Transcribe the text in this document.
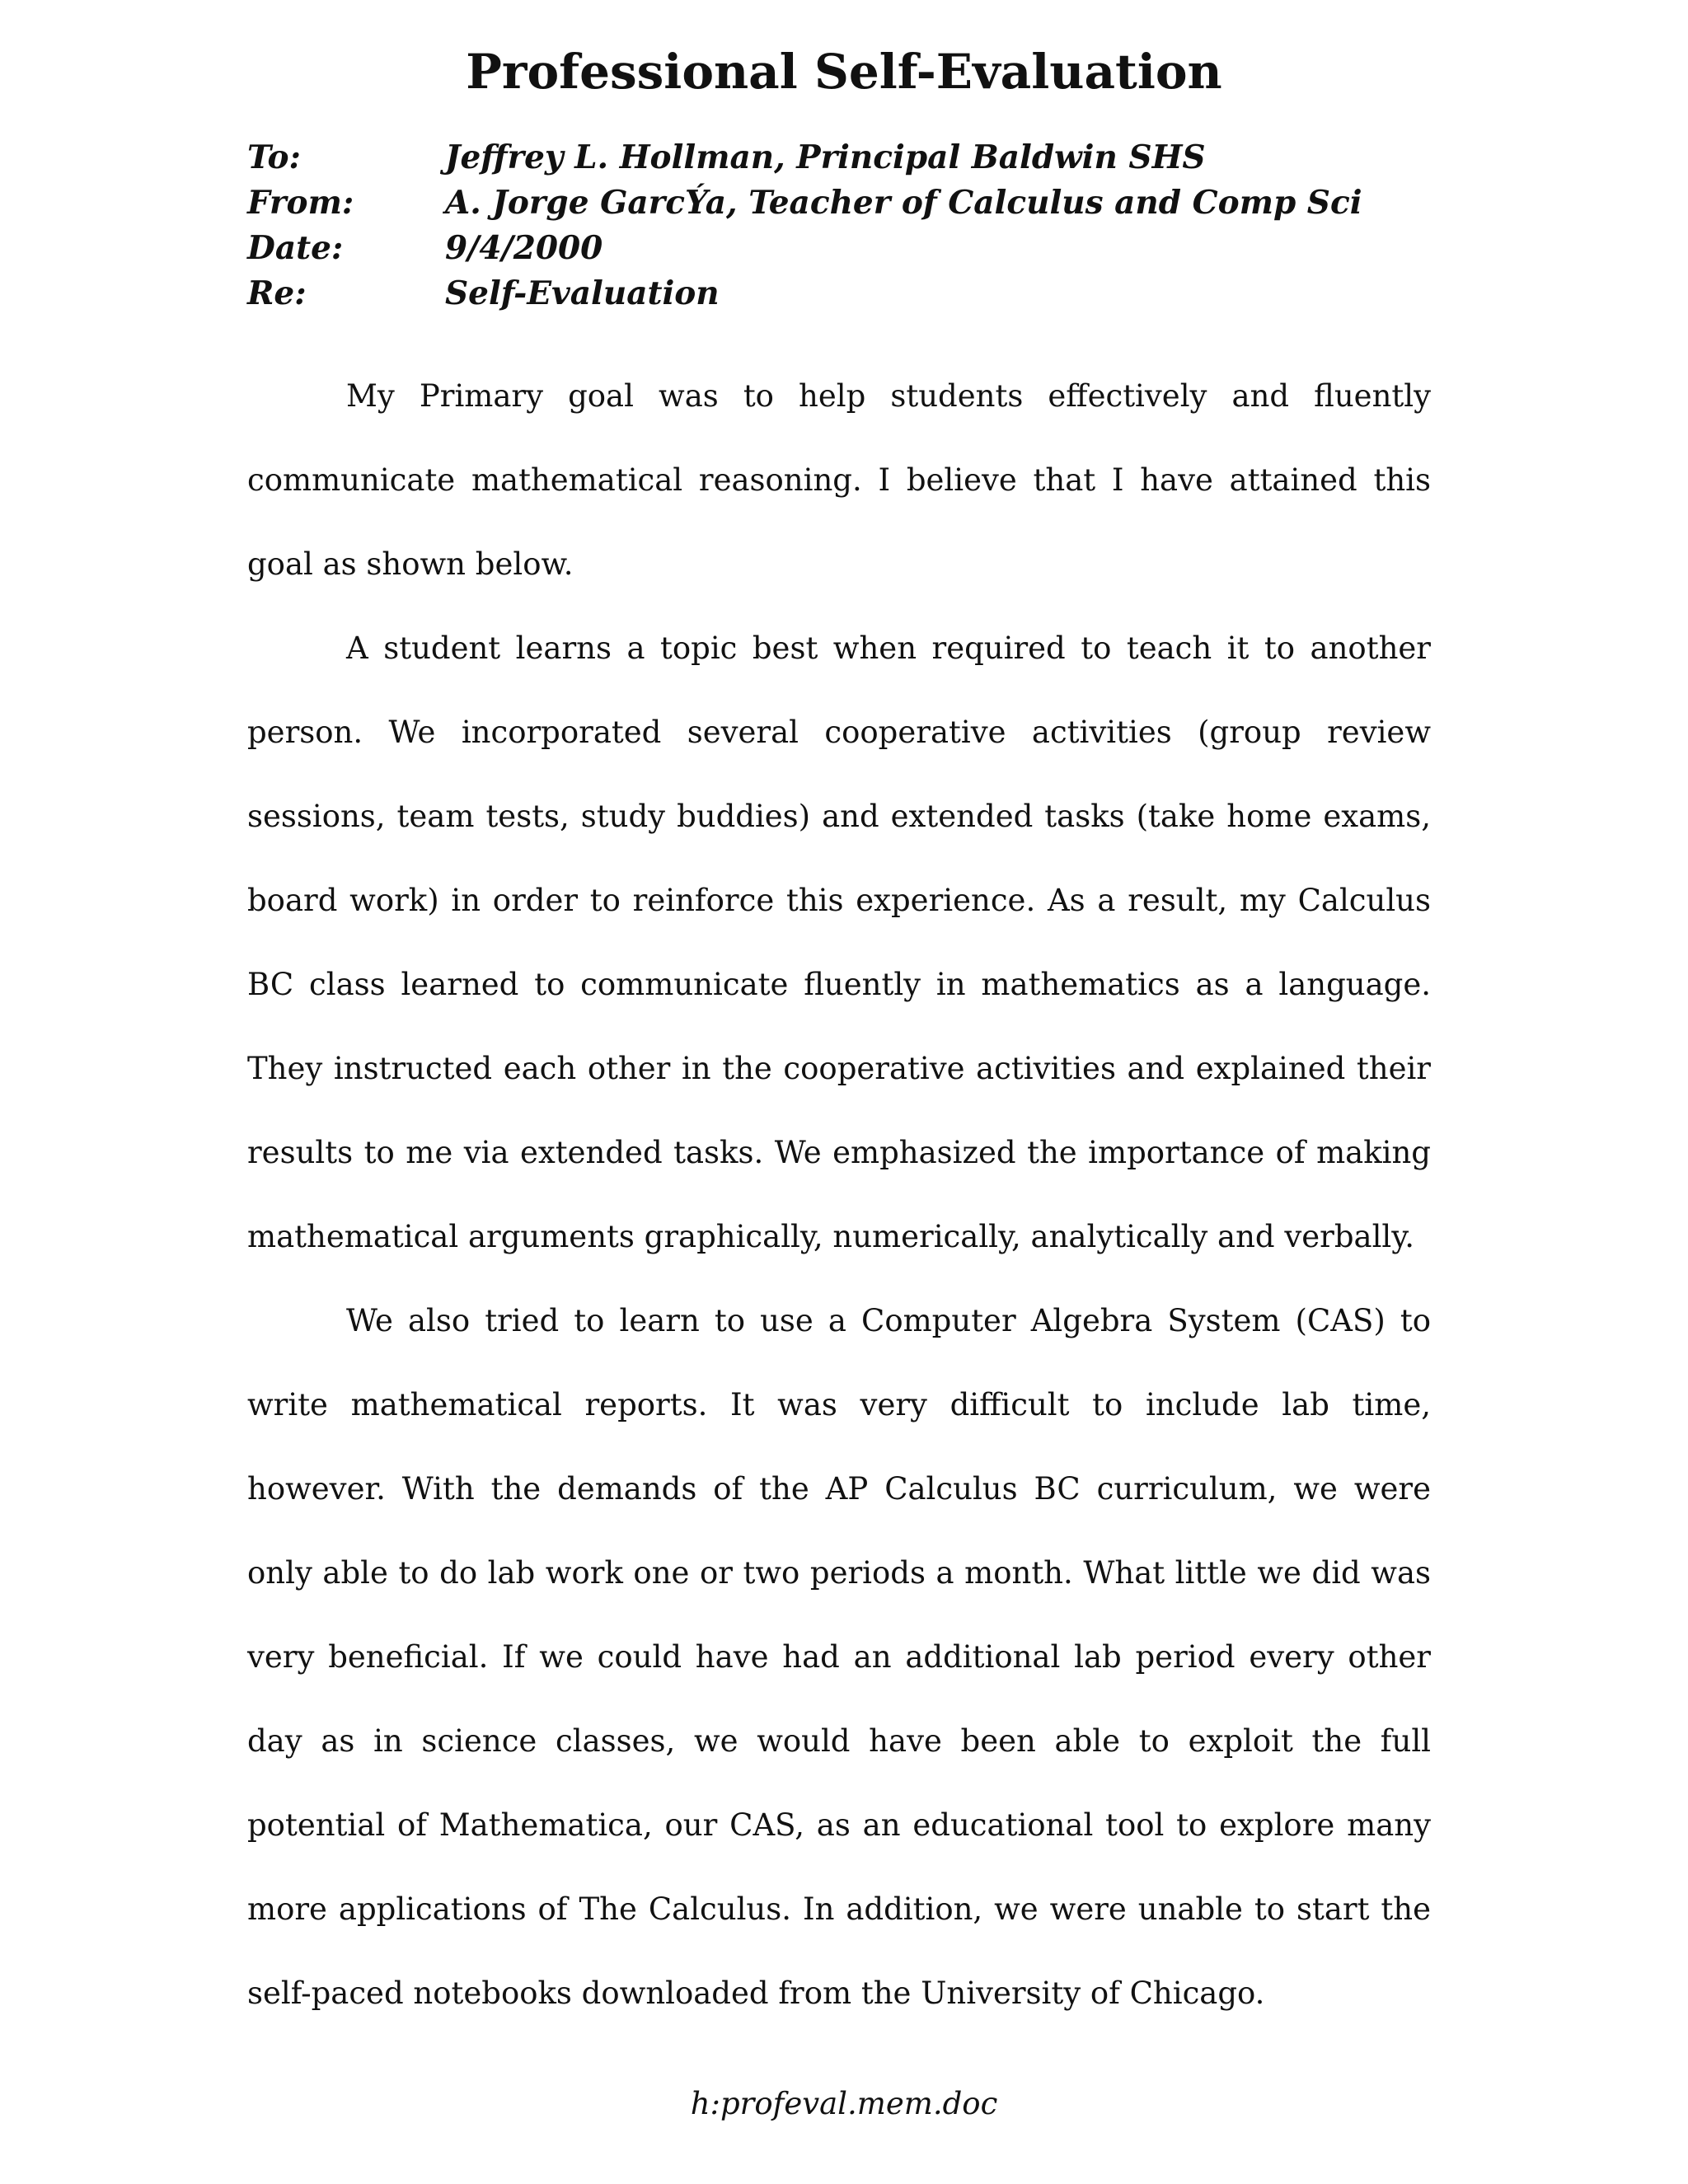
Professional Self-Evaluation
To:	Jeffrey L. Hollman, Principal Baldwin SHS
From:	A. Jorge GarcÝa, Teacher of Calculus and Comp Sci
Date:	9/4/2000
Re:	Self-Evaluation

My Primary goal was to help students effectively and fluently communicate mathematical reasoning. I believe that I have attained this goal as shown below.

A student learns a topic best when required to teach it to another person. We incorporated several cooperative activities (group review sessions, team tests, study buddies) and extended tasks (take home exams, board work) in order to reinforce this experience. As a result, my Calculus BC class learned to communicate fluently in mathematics as a language. They instructed each other in the cooperative activities and explained their results to me via extended tasks. We emphasized the importance of making mathematical arguments graphically, numerically, analytically and verbally.

We also tried to learn to use a Computer Algebra System (CAS) to write mathematical reports. It was very difficult to include lab time, however. With the demands of the AP Calculus BC curriculum, we were only able to do lab work one or two periods a month. What little we did was very beneficial. If we could have had an additional lab period every other day as in science classes, we would have been able to exploit the full potential of Mathematica, our CAS, as an educational tool to explore many more applications of The Calculus. In addition, we were unable to start the self-paced notebooks downloaded from the University of Chicago.

h:profeval.mem.doc
